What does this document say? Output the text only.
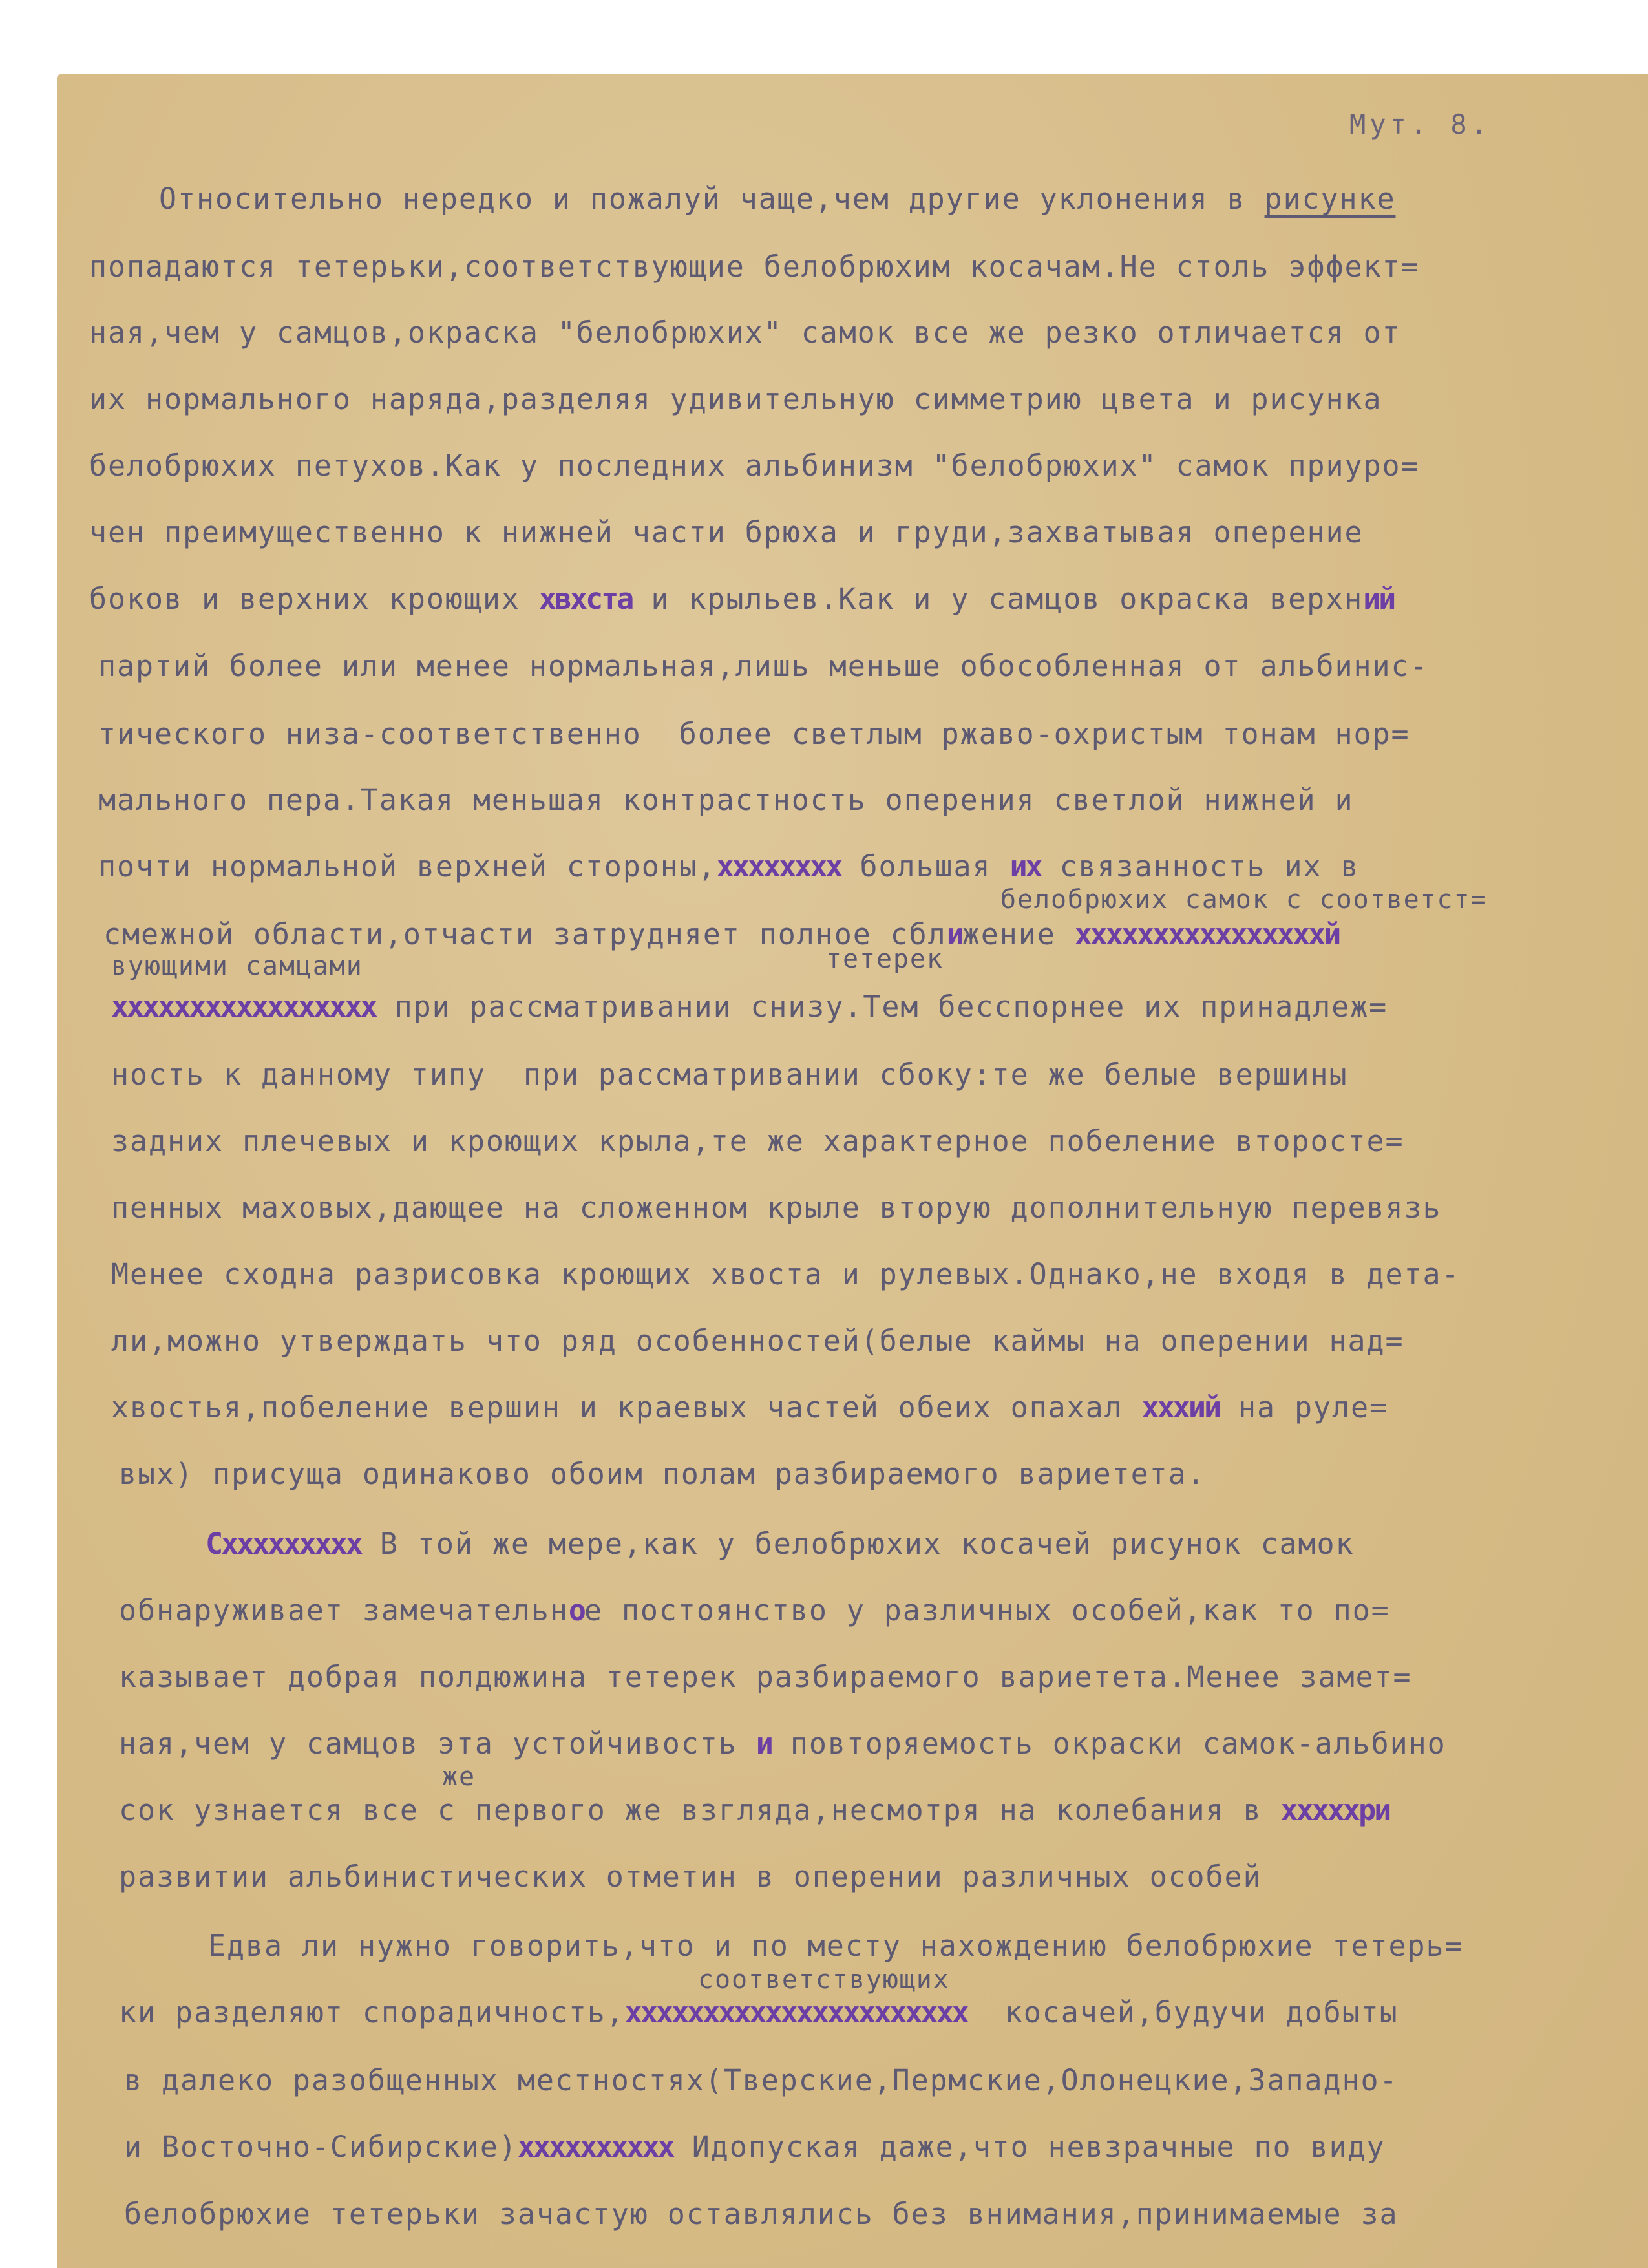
Мут. 8.
Относительно нередко и пожалуй чаще,чем другие уклонения в рисунке
попадаются тетерьки,соответствующие белобрюхим косачам.Не столь эффект=
ная,чем у самцов,окраска "белобрюхих" самок все же резко отличается от
их нормального наряда,разделяя удивительную симметрию цвета и рисунка
белобрюхих петухов.Как у последних альбинизм "белобрюхих" самок приуро=
чен преимущественно к нижней части брюха и груди,захватывая оперение
боков и верхних кроющих хвхста и крыльев.Как и у самцов окраска верхний
партий более или менее нормальная,лишь меньше обособленная от альбинис-
тического низа-соответственно  более светлым ржаво-охристым тонам нор=
мального пера.Такая меньшая контрастность оперения светлой нижней и
почти нормальной верхней стороны,хххххххх большая их связанность их в
белобрюхих самок с соответст=
смежной области,отчасти затрудняет полное сближение ххххххххххххххххй
вующими самцами	тетерек
ххххххххххххххххх при рассматривании снизу.Тем бесспорнее их принадлеж=
ность к данному типу  при рассматривании сбоку:те же белые вершины
задних плечевых и кроющих крыла,те же характерное побеление второсте=
пенных маховых,дающее на сложенном крыле вторую дополнительную перевязь
Менее сходна разрисовка кроющих хвоста и рулевых.Однако,не входя в дета-
ли,можно утверждать что ряд особенностей(белые каймы на оперении над=
хвостья,побеление вершин и краевых частей обеих опахал хххий на руле=
вых) присуща одинаково обоим полам разбираемого вариетета.
Сххххххххх В той же мере,как у белобрюхих косачей рисунок самок
обнаруживает замечательное постоянство у различных особей,как то по=
казывает добрая полдюжина тетерек разбираемого вариетета.Менее замет=
ная,чем у самцов эта устойчивость и повторяемость окраски самок-альбино
же
сок узнается все с первого же взгляда,несмотря на колебания в хххххри
развитии альбинистических отметин в оперении различных особей
Едва ли нужно говорить,что и по месту нахождению белобрюхие тетерь=
соответствующих
ки разделяют спорадичность,хххххххххххххххххххххх  косачей,будучи добыты
в далеко разобщенных местностях(Тверские,Пермские,Олонецкие,Западно-
и Восточно-Сибирские)хххххххххх Идопуская даже,что невзрачные по виду
белобрюхие тетерьки зачастую оставлялись без внимания,принимаемые за
